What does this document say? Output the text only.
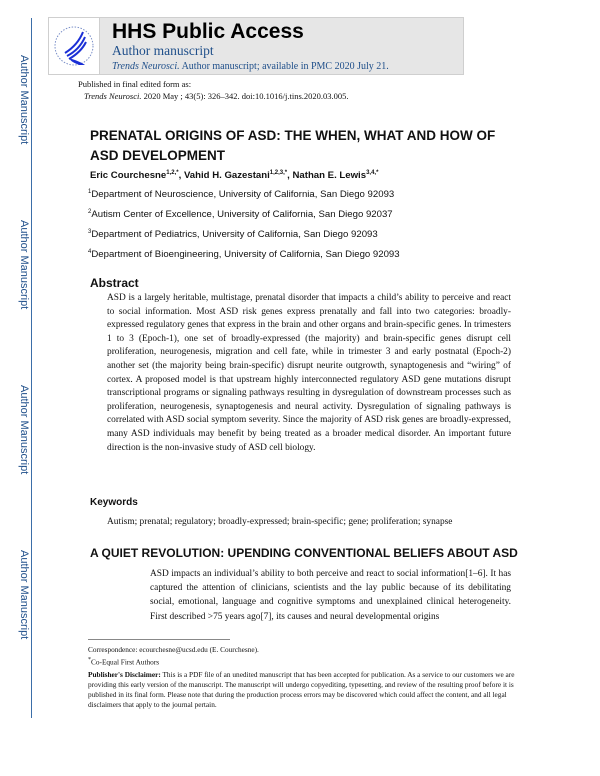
Author Manuscript
Author Manuscript
Author Manuscript
Author Manuscript
HHS Public Access
Author manuscript
Trends Neurosci. Author manuscript; available in PMC 2020 July 21.
Published in final edited form as:
Trends Neurosci. 2020 May ; 43(5): 326–342. doi:10.1016/j.tins.2020.03.005.
PRENATAL ORIGINS OF ASD: THE WHEN, WHAT AND HOW OF ASD DEVELOPMENT
Eric Courchesne$^{1,2,*}$, Vahid H. Gazestani$^{1,2,3,*}$, Nathan E. Lewis$^{3,4,*}$
$^1$Department of Neuroscience, University of California, San Diego 92093
$^2$Autism Center of Excellence, University of California, San Diego 92037
$^3$Department of Pediatrics, University of California, San Diego 92093
$^4$Department of Bioengineering, University of California, San Diego 92093
Abstract
ASD is a largely heritable, multistage, prenatal disorder that impacts a child’s ability to perceive and react to social information. Most ASD risk genes express prenatally and fall into two categories: broadly-expressed regulatory genes that express in the brain and other organs and brain-specific genes. In trimesters 1 to 3 (Epoch-1), one set of broadly-expressed (the majority) and brain-specific genes disrupt cell proliferation, neurogenesis, migration and cell fate, while in trimester 3 and early postnatal (Epoch-2) another set (the majority being brain-specific) disrupt neurite outgrowth, synaptogenesis and “wiring” of cortex. A proposed model is that upstream highly interconnected regulatory ASD gene mutations disrupt transcriptional programs or signaling pathways resulting in dysregulation of downstream processes such as proliferation, neurogenesis, synaptogenesis and neural activity. Dysregulation of signaling pathways is correlated with ASD social symptom severity. Since the majority of ASD risk genes are broadly-expressed, many ASD individuals may benefit by being treated as a broader medical disorder. An important future direction is the non-invasive study of ASD cell biology.
Keywords
Autism; prenatal; regulatory; broadly-expressed; brain-specific; gene; proliferation; synapse
A QUIET REVOLUTION: UPENDING CONVENTIONAL BELIEFS ABOUT ASD
ASD impacts an individual’s ability to both perceive and react to social information[1–6]. It has captured the attention of clinicians, scientists and the lay public because of its debilitating social, emotional, language and cognitive symptoms and unexplained clinical heterogeneity. First described >75 years ago[7], its causes and neural developmental origins
Correspondence: ecourchesne@ucsd.edu (E. Courchesne).
*Co-Equal First Authors
Publisher's Disclaimer: This is a PDF file of an unedited manuscript that has been accepted for publication. As a service to our customers we are providing this early version of the manuscript. The manuscript will undergo copyediting, typesetting, and review of the resulting proof before it is published in its final form. Please note that during the production process errors may be discovered which could affect the content, and all legal disclaimers that apply to the journal pertain.
